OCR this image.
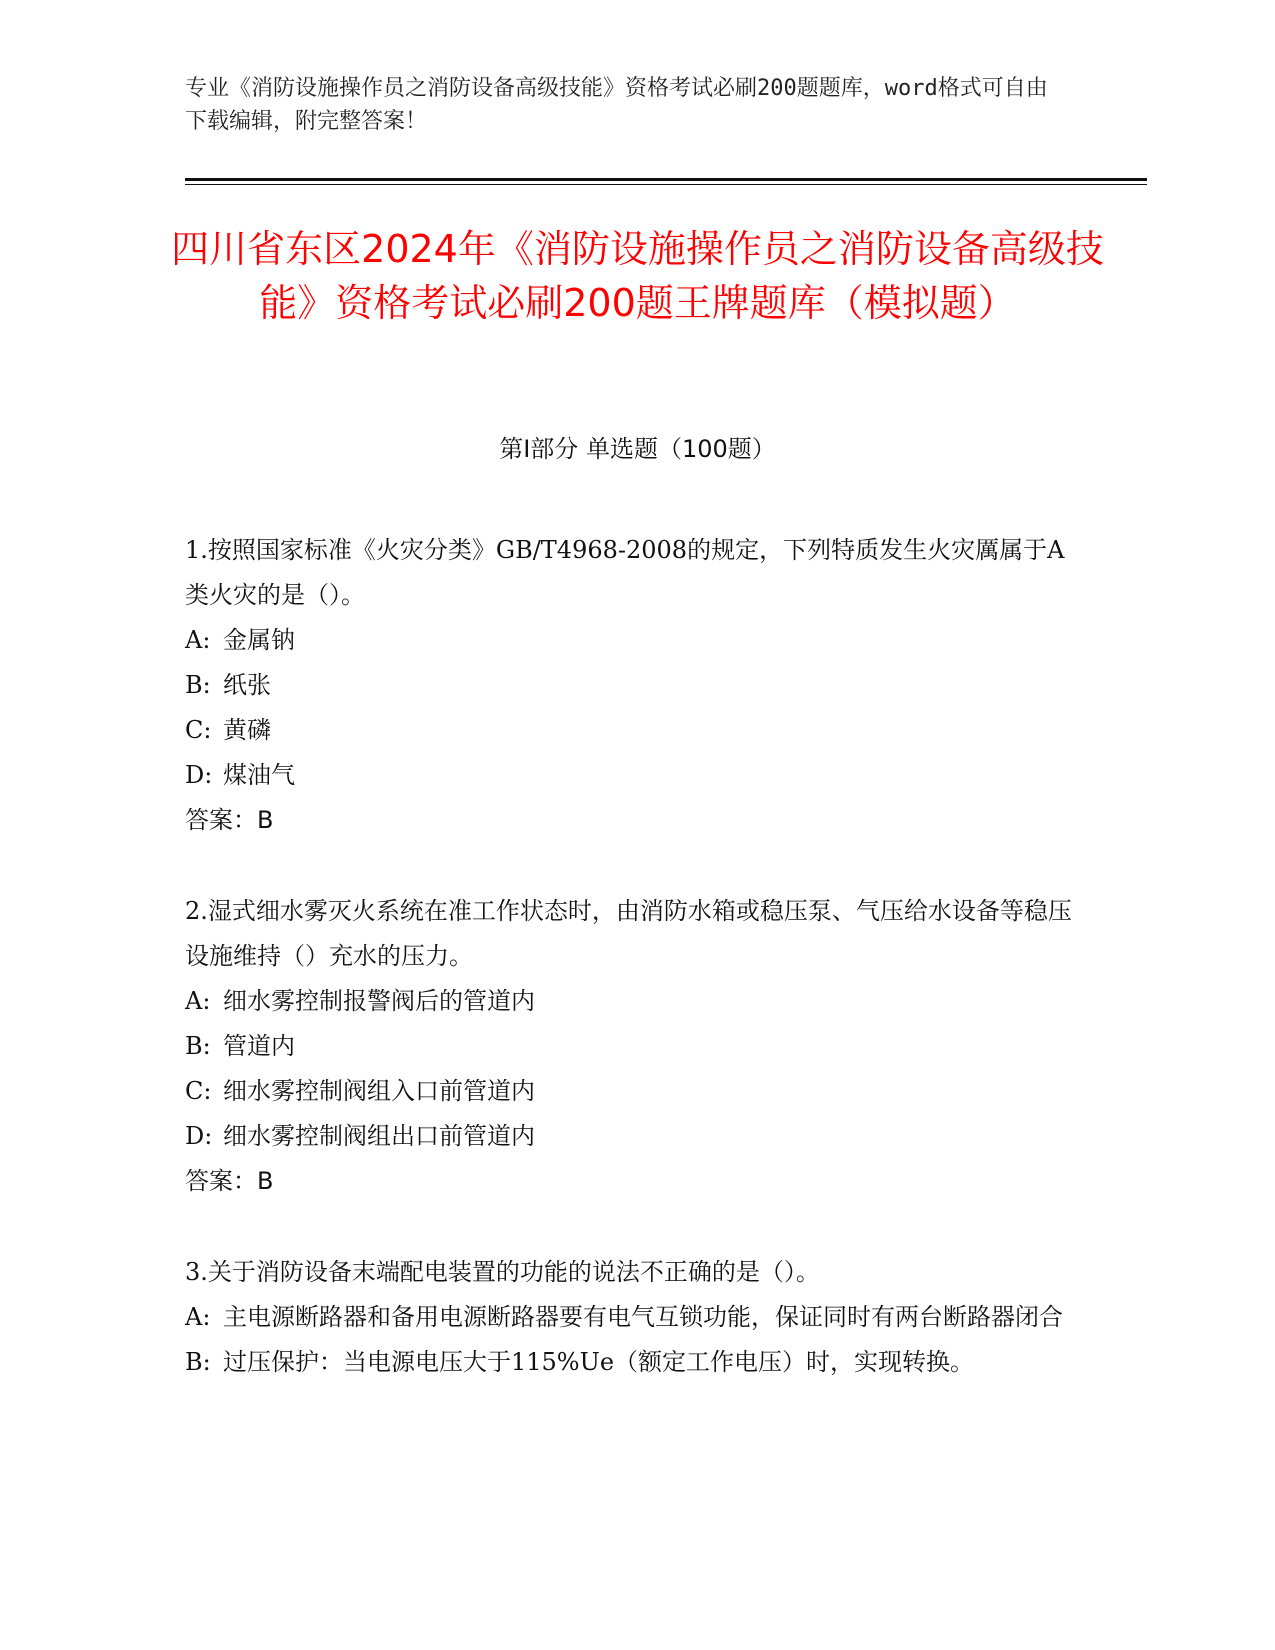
专业《消防设施操作员之消防设备高级技能》资格考试必刷200题题库，word格式可自由下载编辑，附完整答案！
四川省东区2024年《消防设施操作员之消防设备高级技能》资格考试必刷200题王牌题库（模拟题）
第Ⅰ部分 单选题（100题）

1.按照国家标准《火灾分类》GB/T4968-2008的规定，下列特质发生火灾厲属于A类火灾的是（）。

A: 金属钠

B: 纸张

C: 黄磷

D: 煤油气

答案：B

2.湿式细水雾灭火系统在准工作状态时，由消防水箱或稳压泵、气压给水设备等稳压设施维持（）充水的压力。

A: 细水雾控制报警阀后的管道内

B: 管道内

C: 细水雾控制阀组入口前管道内

D: 细水雾控制阀组出口前管道内

答案：B

3.关于消防设备末端配电装置的功能的说法不正确的是（）。

A: 主电源断路器和备用电源断路器要有电气互锁功能，保证同时有两台断路器闭合

B: 过压保护：当电源电压大于115%Ue（额定工作电压）时，实现转换。
